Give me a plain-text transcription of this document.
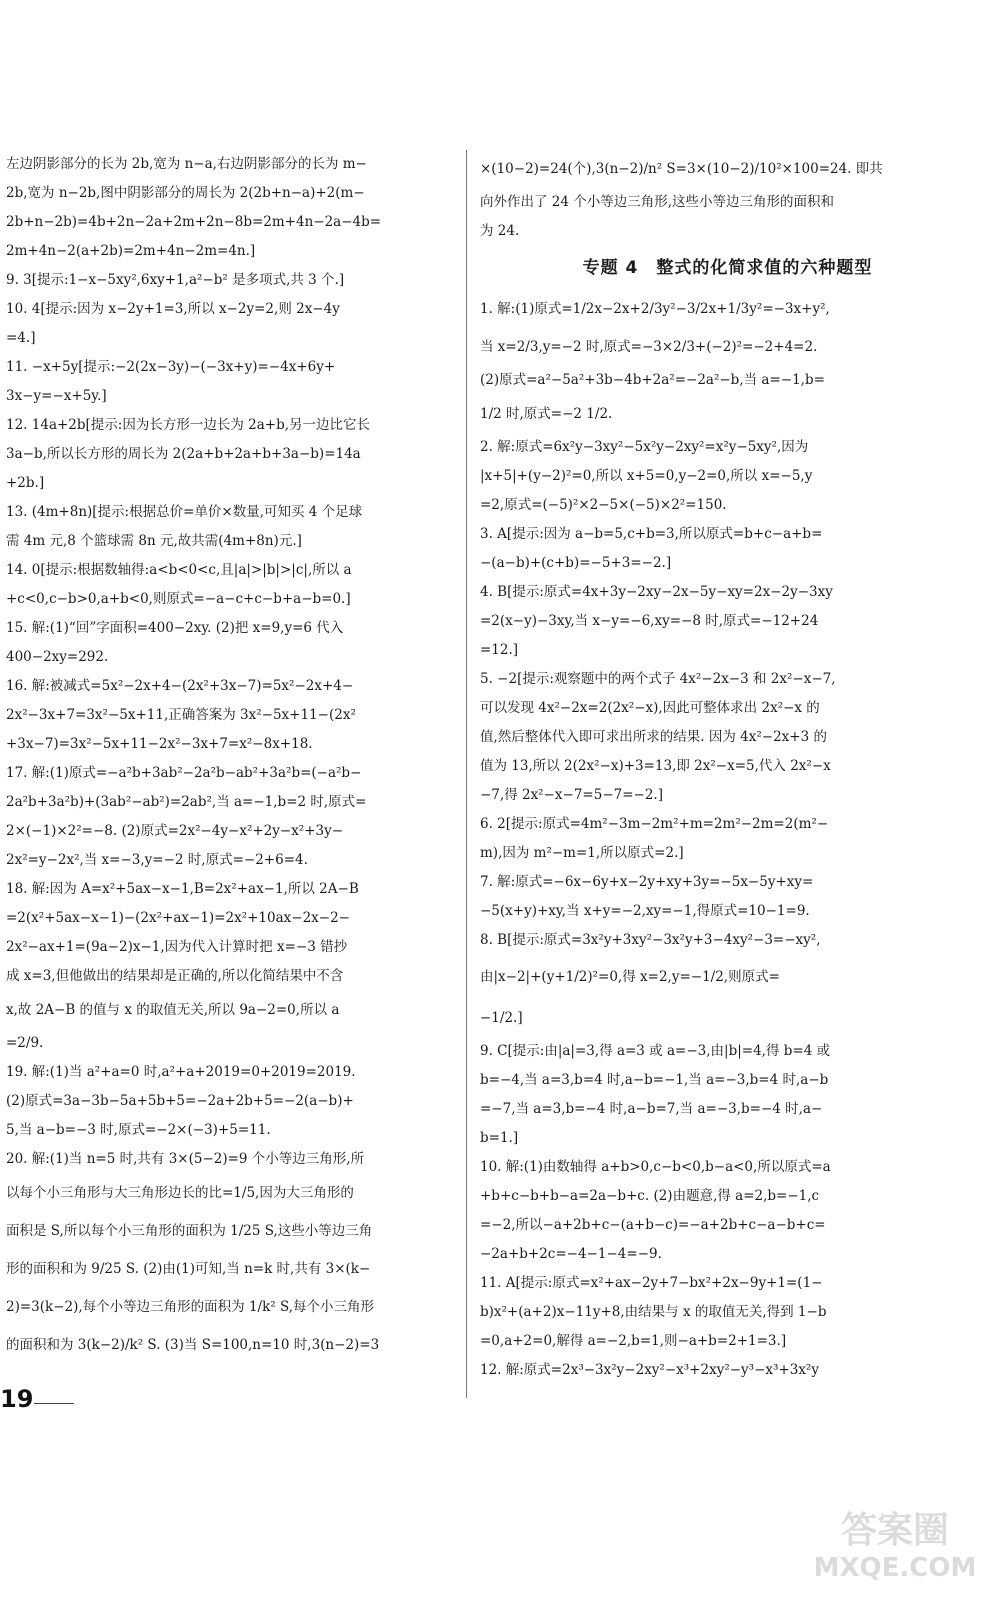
左边阴影部分的长为 2b,宽为 n−a,右边阴影部分的长为 m−
2b,宽为 n−2b,图中阴影部分的周长为 2(2b+n−a)+2(m−
2b+n−2b)=4b+2n−2a+2m+2n−8b=2m+4n−2a−4b=
2m+4n−2(a+2b)=2m+4n−2m=4n.]
9. 3[提示:1−x−5xy²,6xy+1,a²−b² 是多项式,共 3 个.]
10. 4[提示:因为 x−2y+1=3,所以 x−2y=2,则 2x−4y
=4.]
11. −x+5y[提示:−2(2x−3y)−(−3x+y)=−4x+6y+
3x−y=−x+5y.]
12. 14a+2b[提示:因为长方形一边长为 2a+b,另一边比它长
3a−b,所以长方形的周长为 2(2a+b+2a+b+3a−b)=14a
+2b.]
13. (4m+8n)[提示:根据总价=单价×数量,可知买 4 个足球
需 4m 元,8 个篮球需 8n 元,故共需(4m+8n)元.]
14. 0[提示:根据数轴得:a<b<0<c,且|a|>|b|>|c|,所以 a
+c<0,c−b>0,a+b<0,则原式=−a−c+c−b+a−b=0.]
15. 解:(1)“回”字面积=400−2xy. (2)把 x=9,y=6 代入
400−2xy=292.
16. 解:被减式=5x²−2x+4−(2x²+3x−7)=5x²−2x+4−
2x²−3x+7=3x²−5x+11,正确答案为 3x²−5x+11−(2x²
+3x−7)=3x²−5x+11−2x²−3x+7=x²−8x+18.
17. 解:(1)原式=−a²b+3ab²−2a²b−ab²+3a²b=(−a²b−
2a²b+3a²b)+(3ab²−ab²)=2ab²,当 a=−1,b=2 时,原式=
2×(−1)×2²=−8. (2)原式=2x²−4y−x²+2y−x²+3y−
2x²=y−2x²,当 x=−3,y=−2 时,原式=−2+6=4.
18. 解:因为 A=x²+5ax−x−1,B=2x²+ax−1,所以 2A−B
=2(x²+5ax−x−1)−(2x²+ax−1)=2x²+10ax−2x−2−
2x²−ax+1=(9a−2)x−1,因为代入计算时把 x=−3 错抄
成 x=3,但他做出的结果却是正确的,所以化简结果中不含
x,故 2A−B 的值与 x 的取值无关,所以 9a−2=0,所以 a
=2/9.
19. 解:(1)当 a²+a=0 时,a²+a+2019=0+2019=2019.
(2)原式=3a−3b−5a+5b+5=−2a+2b+5=−2(a−b)+
5,当 a−b=−3 时,原式=−2×(−3)+5=11.
20. 解:(1)当 n=5 时,共有 3×(5−2)=9 个小等边三角形,所
以每个小三角形与大三角形边长的比=1/5,因为大三角形的
面积是 S,所以每个小三角形的面积为 1/25 S,这些小等边三角
形的面积和为 9/25 S. (2)由(1)可知,当 n=k 时,共有 3×(k−
2)=3(k−2),每个小等边三角形的面积为 1/k² S,每个小三角形
的面积和为 3(k−2)/k² S. (3)当 S=100,n=10 时,3(n−2)=3
×(10−2)=24(个),3(n−2)/n² S=3×(10−2)/10²×100=24. 即共
向外作出了 24 个小等边三角形,这些小等边三角形的面积和
为 24.
专题 4　整式的化简求值的六种题型
1. 解:(1)原式=1/2x−2x+2/3y²−3/2x+1/3y²=−3x+y²,
当 x=2/3,y=−2 时,原式=−3×2/3+(−2)²=−2+4=2.
(2)原式=a²−5a²+3b−4b+2a²=−2a²−b,当 a=−1,b=
1/2 时,原式=−2 1/2.
2. 解:原式=6x²y−3xy²−5x²y−2xy²=x²y−5xy²,因为
|x+5|+(y−2)²=0,所以 x+5=0,y−2=0,所以 x=−5,y
=2,原式=(−5)²×2−5×(−5)×2²=150.
3. A[提示:因为 a−b=5,c+b=3,所以原式=b+c−a+b=
−(a−b)+(c+b)=−5+3=−2.]
4. B[提示:原式=4x+3y−2xy−2x−5y−xy=2x−2y−3xy
=2(x−y)−3xy,当 x−y=−6,xy=−8 时,原式=−12+24
=12.]
5. −2[提示:观察题中的两个式子 4x²−2x−3 和 2x²−x−7,
可以发现 4x²−2x=2(2x²−x),因此可整体求出 2x²−x 的
值,然后整体代入即可求出所求的结果. 因为 4x²−2x+3 的
值为 13,所以 2(2x²−x)+3=13,即 2x²−x=5,代入 2x²−x
−7,得 2x²−x−7=5−7=−2.]
6. 2[提示:原式=4m²−3m−2m²+m=2m²−2m=2(m²−
m),因为 m²−m=1,所以原式=2.]
7. 解:原式=−6x−6y+x−2y+xy+3y=−5x−5y+xy=
−5(x+y)+xy,当 x+y=−2,xy=−1,得原式=10−1=9.
8. B[提示:原式=3x²y+3xy²−3x²y+3−4xy²−3=−xy²,
由|x−2|+(y+1/2)²=0,得 x=2,y=−1/2,则原式=
−1/2.]
9. C[提示:由|a|=3,得 a=3 或 a=−3,由|b|=4,得 b=4 或
b=−4,当 a=3,b=4 时,a−b=−1,当 a=−3,b=4 时,a−b
=−7,当 a=3,b=−4 时,a−b=7,当 a=−3,b=−4 时,a−
b=1.]
10. 解:(1)由数轴得 a+b>0,c−b<0,b−a<0,所以原式=a
+b+c−b+b−a=2a−b+c. (2)由题意,得 a=2,b=−1,c
=−2,所以−a+2b+c−(a+b−c)=−a+2b+c−a−b+c=
−2a+b+2c=−4−1−4=−9.
11. A[提示:原式=x²+ax−2y+7−bx²+2x−9y+1=(1−
b)x²+(a+2)x−11y+8,由结果与 x 的取值无关,得到 1−b
=0,a+2=0,解得 a=−2,b=1,则−a+b=2+1=3.]
12. 解:原式=2x³−3x²y−2xy²−x³+2xy²−y³−x³+3x²y
19
答案圈
MXQE.COM
